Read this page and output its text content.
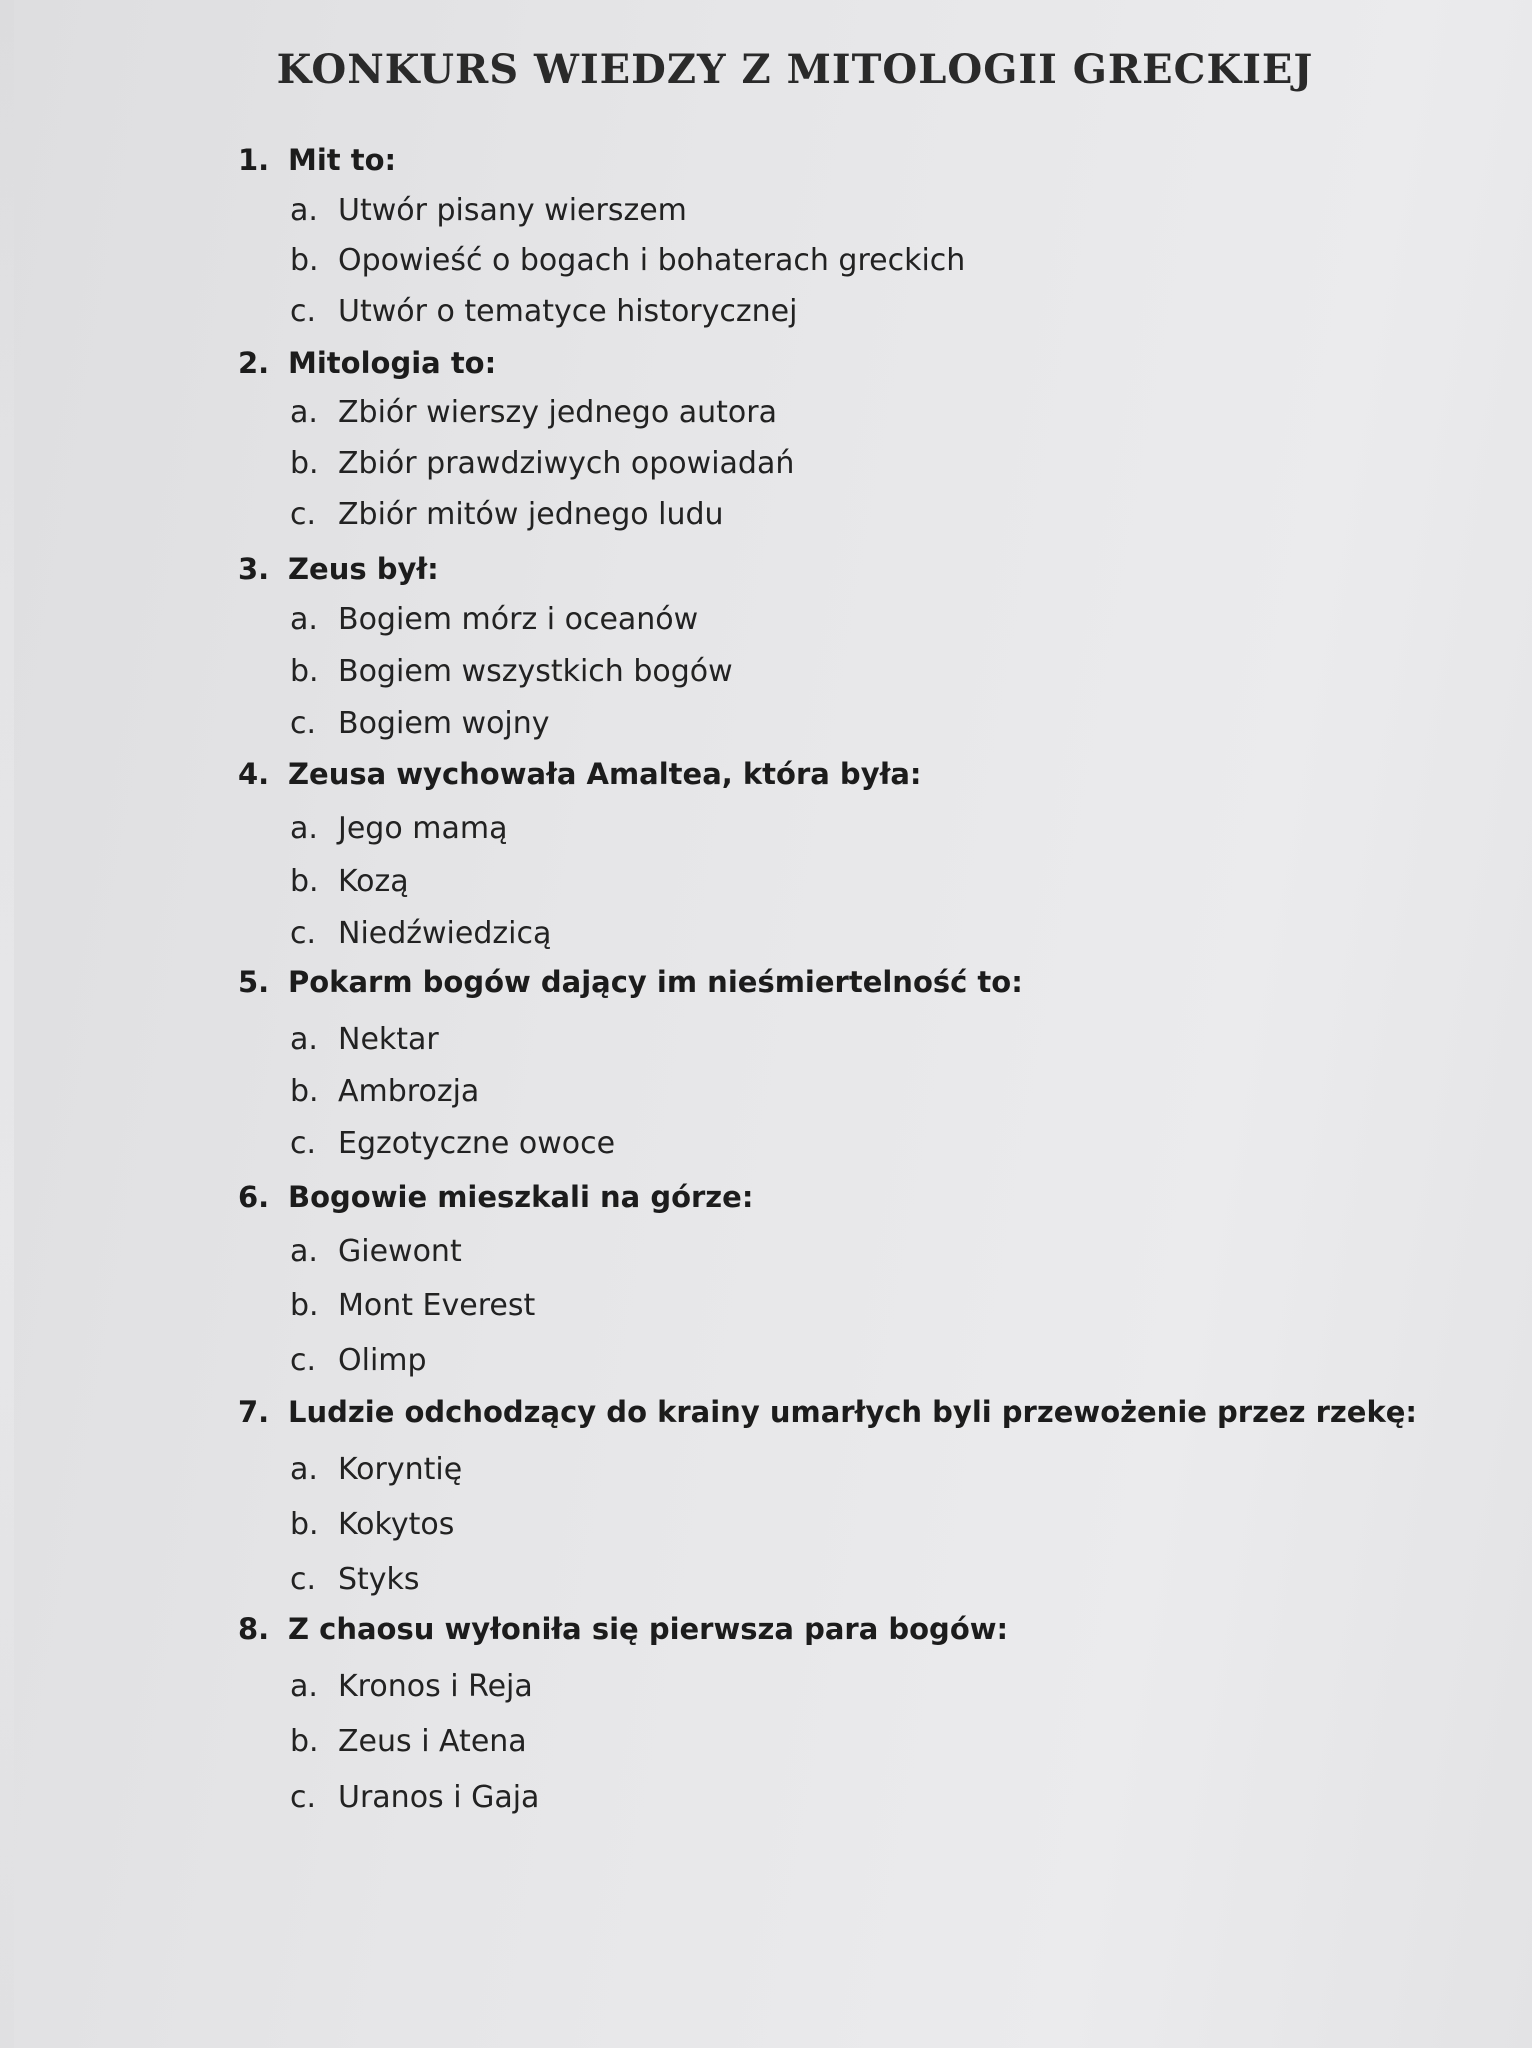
KONKURS WIEDZY Z MITOLOGII GRECKIEJ
1. Mit to:
a. Utwór pisany wierszem
b. Opowieść o bogach i bohaterach greckich
c. Utwór o tematyce historycznej
2. Mitologia to:
a. Zbiór wierszy jednego autora
b. Zbiór prawdziwych opowiadań
c. Zbiór mitów jednego ludu
3. Zeus był:
a. Bogiem mórz i oceanów
b. Bogiem wszystkich bogów
c. Bogiem wojny
4. Zeusa wychowała Amaltea, która była:
a. Jego mamą
b. Kozą
c. Niedźwiedzicą
5. Pokarm bogów dający im nieśmiertelność to:
a. Nektar
b. Ambrozja
c. Egzotyczne owoce
6. Bogowie mieszkali na górze:
a. Giewont
b. Mont Everest
c. Olimp
7. Ludzie odchodzący do krainy umarłych byli przewożenie przez rzekę:
a. Koryntię
b. Kokytos
c. Styks
8. Z chaosu wyłoniła się pierwsza para bogów:
a. Kronos i Reja
b. Zeus i Atena
c. Uranos i Gaja
